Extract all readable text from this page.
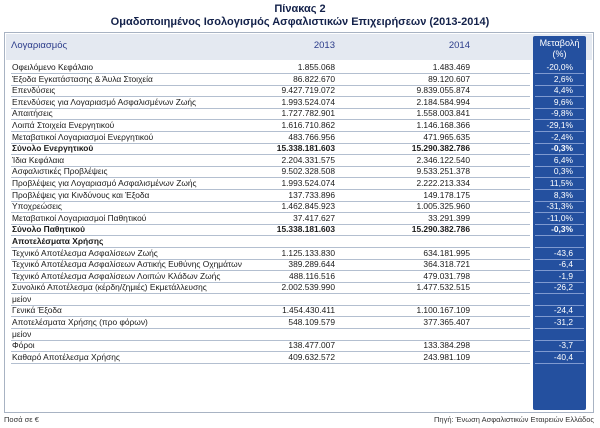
Πίνακας 2
Ομαδοποιημένος Ισολογισμός Ασφαλιστικών Επιχειρήσεων (2013-2014)
Λογαριασμός	2013	2014	Μεταβολή
(%)
Οφειλόμενο Κεφάλαιο	1.855.068	1.483.469	-20,0%
Έξοδα Εγκατάστασης & Άυλα Στοιχεία	86.822.670	89.120.607	2,6%
Επενδύσεις	9.427.719.072	9.839.055.874	4,4%
Επενδύσεις για Λογαριασμό Ασφαλισμένων Ζωής	1.993.524.074	2.184.584.994	9,6%
Απαιτήσεις	1.727.782.901	1.558.003.841	-9,8%
Λοιπά Στοιχεία Ενεργητικού	1.616.710.862	1.146.168.366	-29,1%
Μεταβατικοί Λογαριασμοί Ενεργητικού	483.766.956	471.965.635	-2,4%
Σύνολο Ενεργητικού	15.338.181.603	15.290.382.786	-0,3%
Ίδια Κεφάλαια	2.204.331.575	2.346.122.540	6,4%
Ασφαλιστικές Προβλέψεις	9.502.328.508	9.533.251.378	0,3%
Προβλέψεις για Λογαριασμό Ασφαλισμένων Ζωής	1.993.524.074	2.222.213.334	11,5%
Προβλέψεις για Κινδύνους και Έξοδα	137.733.896	149.178.175	8,3%
Υποχρεώσεις	1.462.845.923	1.005.325.960	-31,3%
Μεταβατικοί Λογαριασμοί Παθητικού	37.417.627	33.291.399	-11,0%
Σύνολο Παθητικού	15.338.181.603	15.290.382.786	-0,3%
Αποτελέσματα Χρήσης
Τεχνικό Αποτέλεσμα Ασφαλίσεων Ζωής	1.125.133.830	634.181.995	-43,6
Τεχνικό Αποτέλεσμα Ασφαλίσεων Αστικής Ευθύνης Οχημάτων	389.289.644	364.318.721	-6,4
Τεχνικό Αποτέλεσμα Ασφαλίσεων Λοιπών Κλάδων Ζωής	488.116.516	479.031.798	-1,9
Συνολικό Αποτέλεσμα (κέρδη/ζημιές) Εκμετάλλευσης	2.002.539.990	1.477.532.515	-26,2
μείον
Γενικά Έξοδα	1.454.430.411	1.100.167.109	-24,4
Αποτελέσματα Χρήσης (προ φόρων)	548.109.579	377.365.407	-31,2
μείον
Φόροι	138.477.007	133.384.298	-3,7
Καθαρό Αποτέλεσμα Χρήσης	409.632.572	243.981.109	-40,4
Ποσά σε €	Πηγή: Ένωση Ασφαλιστικών Εταιρειών Ελλάδος
